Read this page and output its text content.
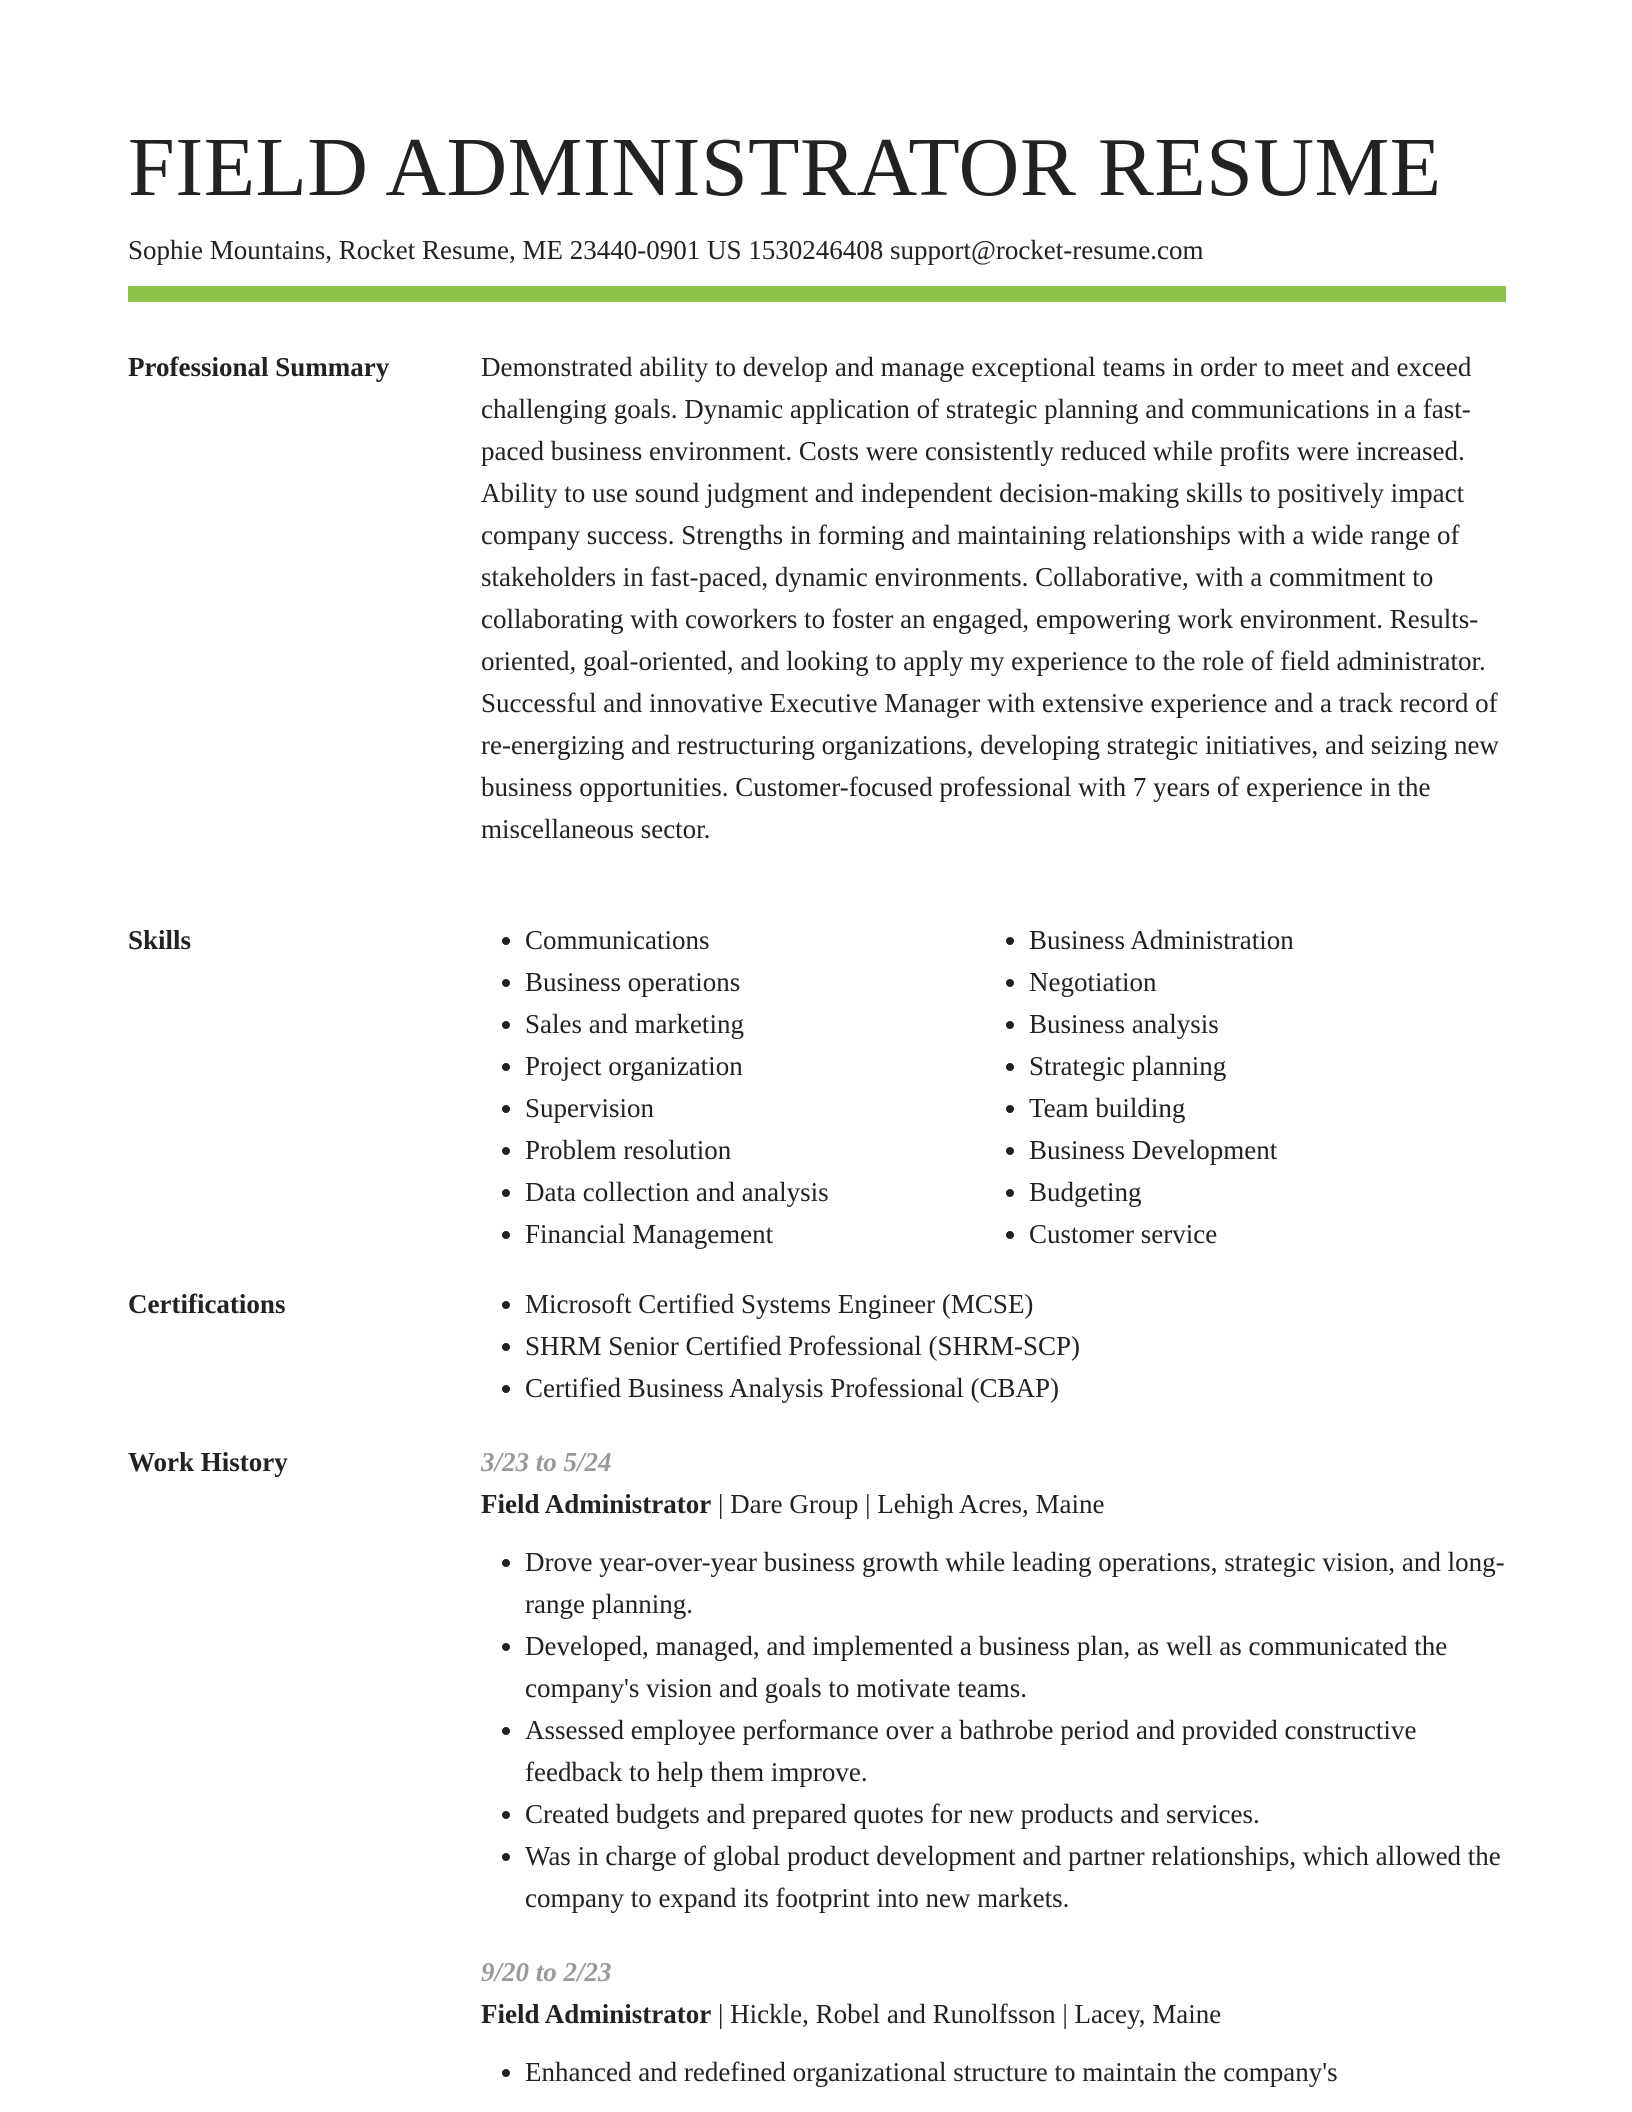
FIELD ADMINISTRATOR RESUME
Sophie Mountains, Rocket Resume, ME 23440-0901 US 1530246408 support@rocket-resume.com
Professional Summary	Demonstrated ability to develop and manage exceptional teams in order to meet and exceed challenging goals. Dynamic application of strategic planning and communications in a fast-paced business environment. Costs were consistently reduced while profits were increased. Ability to use sound judgment and independent decision-making skills to positively impact company success. Strengths in forming and maintaining relationships with a wide range of stakeholders in fast-paced, dynamic environments. Collaborative, with a commitment to collaborating with coworkers to foster an engaged, empowering work environment. Results-oriented, goal-oriented, and looking to apply my experience to the role of field administrator. Successful and innovative Executive Manager with extensive experience and a track record of re-energizing and restructuring organizations, developing strategic initiatives, and seizing new business opportunities. Customer-focused professional with 7 years of experience in the miscellaneous sector.

Skills	• Communications
• Business operations
• Sales and marketing
• Project organization
• Supervision
• Problem resolution
• Data collection and analysis
• Financial Management
• Business Administration
• Negotiation
• Business analysis
• Strategic planning
• Team building
• Business Development
• Budgeting
• Customer service
Certifications	• Microsoft Certified Systems Engineer (MCSE)
• SHRM Senior Certified Professional (SHRM-SCP)
• Certified Business Analysis Professional (CBAP)
Work History	3/23 to 5/24
Field Administrator | Dare Group | Lehigh Acres, Maine
• Drove year-over-year business growth while leading operations, strategic vision, and long-range planning.
• Developed, managed, and implemented a business plan, as well as communicated the company's vision and goals to motivate teams.
• Assessed employee performance over a bathrobe period and provided constructive feedback to help them improve.
• Created budgets and prepared quotes for new products and services.
• Was in charge of global product development and partner relationships, which allowed the company to expand its footprint into new markets.
9/20 to 2/23
Field Administrator | Hickle, Robel and Runolfsson | Lacey, Maine
• Enhanced and redefined organizational structure to maintain the company's
